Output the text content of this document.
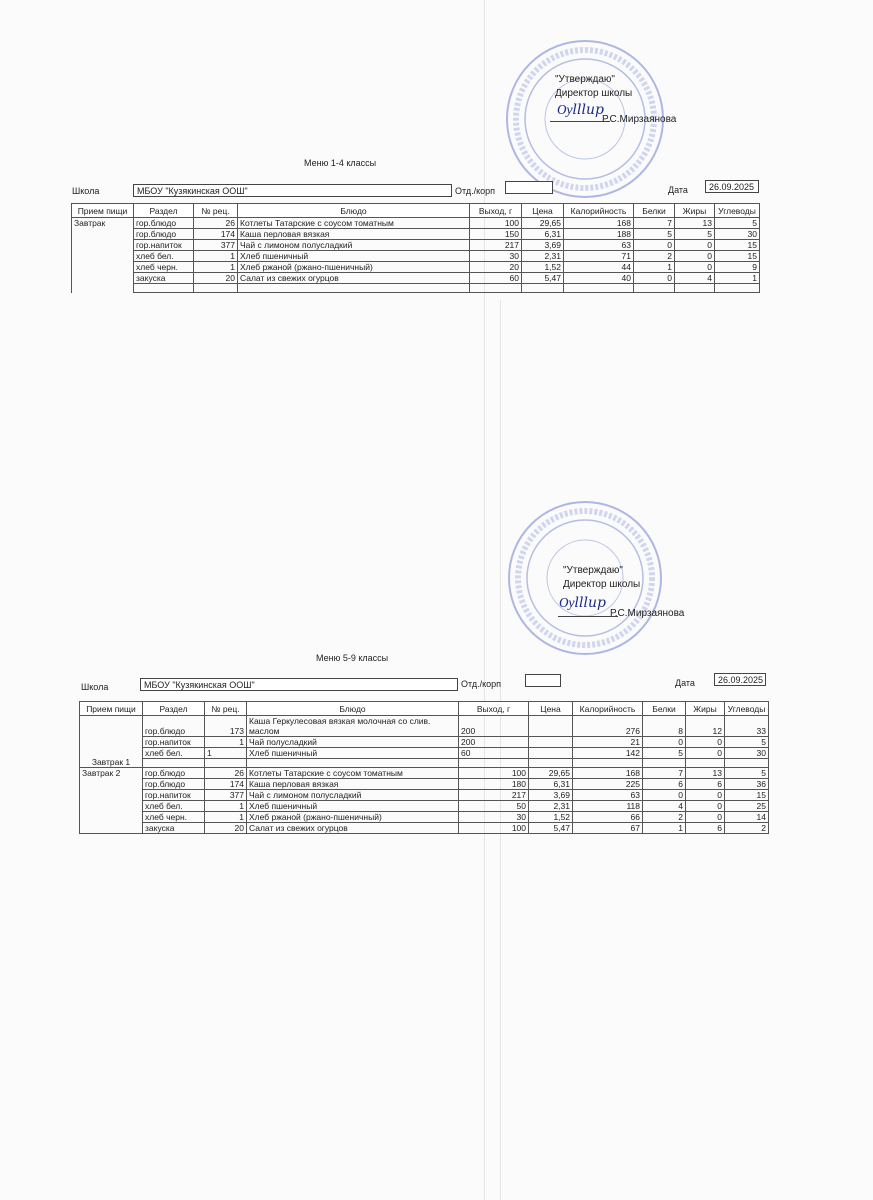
"Утверждаю"
Директор школы
Ѹlllир
Р.С.Мирзаянова
Меню 1-4 классы
Школа	МБОУ "Кузякинская ООШ"	Отд./корп	Дата	26.09.2025
Прием пищи	Раздел	№ рец.	Блюдо	Выход, г	Цена	Калорийность	Белки	Жиры	Углеводы
Завтрак	гор.блюдо	26	Котлеты Татарские с соусом томатным	100	29,65	168	7	13	5
	гор.блюдо	174	Каша перловая вязкая	150	6,31	188	5	5	30
	гор.напиток	377	Чай с лимоном полусладкий	217	3,69	63	0	0	15
	хлеб бел.	1	Хлеб пшеничный	30	2,31	71	2	0	15
	хлеб черн.	1	Хлеб ржаной (ржано-пшеничный)	20	1,52	44	1	0	9
	закуска	20	Салат из свежих огурцов	60	5,47	40	0	4	1

"Утверждаю"
Директор школы
Ѹlllир
Р.С.Мирзаянова
Меню 5-9 классы
Школа	МБОУ "Кузякинская ООШ"	Отд./корп	Дата	26.09.2025
Прием пищи	Раздел	№ рец.	Блюдо	Выход, г	Цена	Калорийность	Белки	Жиры	Углеводы
Завтрак 1	гор.блюдо	173	Каша Геркулесовая вязкая молочная со слив. маслом	200		276	8	12	33
	гор.напиток	1	Чай полусладкий	200		21	0	0	5
	хлеб бел.	1	Хлеб пшеничный	60		142	5	0	30

Завтрак 2	гор.блюдо	26	Котлеты Татарские с соусом томатным	100	29,65	168	7	13	5
	гор.блюдо	174	Каша перловая вязкая	180	6,31	225	6	6	36
	гор.напиток	377	Чай с лимоном полусладкий	217	3,69	63	0	0	15
	хлеб бел.	1	Хлеб пшеничный	50	2,31	118	4	0	25
	хлеб черн.	1	Хлеб ржаной (ржано-пшеничный)	30	1,52	66	2	0	14
	закуска	20	Салат из свежих огурцов	100	5,47	67	1	6	2
